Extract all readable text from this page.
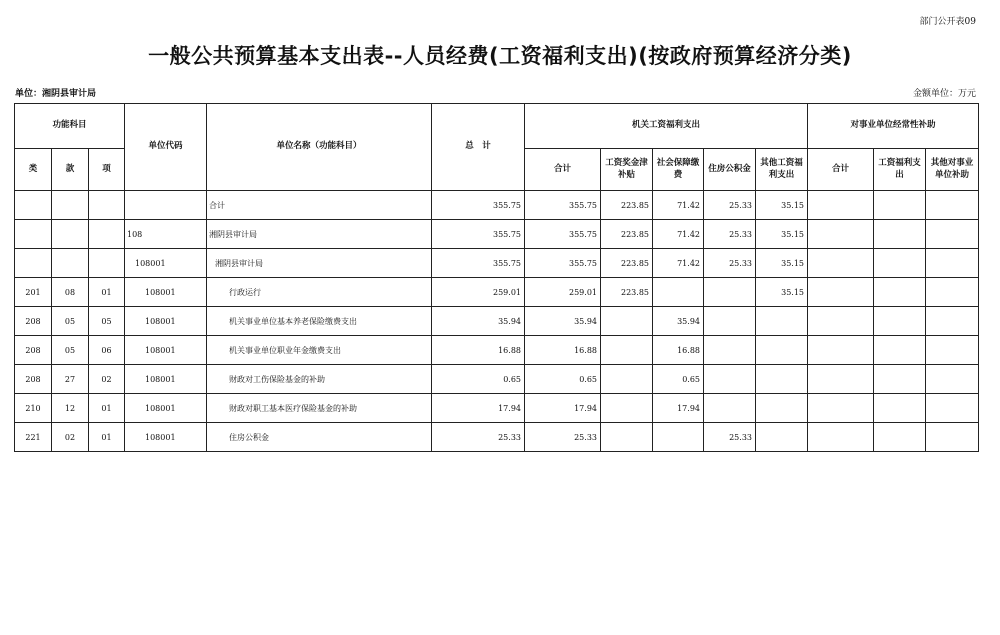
部门公开表09
一般公共预算基本支出表--人员经费(工资福利支出)(按政府预算经济分类)
单位：湘阴县审计局	金额单位：万元
功能科目			单位代码	单位名称（功能科目）	总　计	机关工资福利支出					对事业单位经常性补助		
类	款	项				合计	工资奖金津补贴	社会保障缴费	住房公积金	其他工资福利支出	合计	工资福利支出	其他对事业单位补助
				合计	355.75	355.75	223.85	71.42	25.33	35.15			
			108	湘阴县审计局	355.75	355.75	223.85	71.42	25.33	35.15			
			108001	湘阴县审计局	355.75	355.75	223.85	71.42	25.33	35.15			
201	08	01	108001	行政运行	259.01	259.01	223.85			35.15			
208	05	05	108001	机关事业单位基本养老保险缴费支出	35.94	35.94		35.94					
208	05	06	108001	机关事业单位职业年金缴费支出	16.88	16.88		16.88					
208	27	02	108001	财政对工伤保险基金的补助	0.65	0.65		0.65					
210	12	01	108001	财政对职工基本医疗保险基金的补助	17.94	17.94		17.94					
221	02	01	108001	住房公积金	25.33	25.33			25.33				
